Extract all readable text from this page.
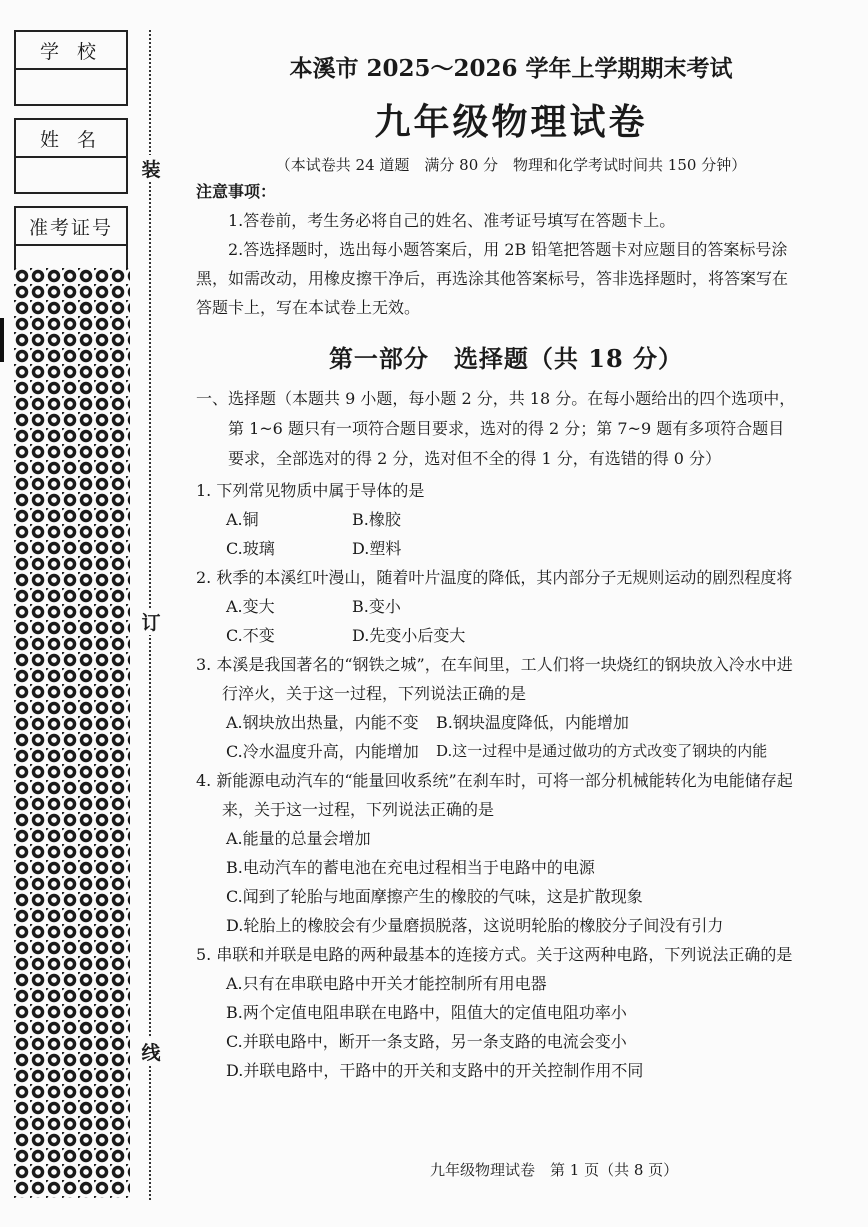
学 校
姓 名
准考证号
装
订
线
本溪市 2025～2026 学年上学期期末考试
九年级物理试卷
（本试卷共 24 道题　满分 80 分　物理和化学考试时间共 150 分钟）
注意事项：
1.答卷前，考生务必将自己的姓名、准考证号填写在答题卡上。
2.答选择题时，选出每小题答案后，用 2B 铅笔把答题卡对应题目的答案标号涂黑，如需改动，用橡皮擦干净后，再选涂其他答案标号，答非选择题时，将答案写在答题卡上，写在本试卷上无效。
第一部分　选择题（共 18 分）
一、选择题（本题共 9 小题，每小题 2 分，共 18 分。在每小题给出的四个选项中，第 1~6 题只有一项符合题目要求，选对的得 2 分；第 7~9 题有多项符合题目要求，全部选对的得 2 分，选对但不全的得 1 分，有选错的得 0 分）
1. 下列常见物质中属于导体的是
A.铜	B.橡胶
C.玻璃	D.塑料
2. 秋季的本溪红叶漫山，随着叶片温度的降低，其内部分子无规则运动的剧烈程度将
A.变大	B.变小
C.不变	D.先变小后变大
3. 本溪是我国著名的“钢铁之城”，在车间里，工人们将一块烧红的钢块放入冷水中进行淬火，关于这一过程，下列说法正确的是
A.钢块放出热量，内能不变	B.钢块温度降低，内能增加
C.冷水温度升高，内能增加	D.这一过程中是通过做功的方式改变了钢块的内能
4. 新能源电动汽车的“能量回收系统”在刹车时，可将一部分机械能转化为电能储存起来，关于这一过程，下列说法正确的是
A.能量的总量会增加
B.电动汽车的蓄电池在充电过程相当于电路中的电源
C.闻到了轮胎与地面摩擦产生的橡胶的气味，这是扩散现象
D.轮胎上的橡胶会有少量磨损脱落，这说明轮胎的橡胶分子间没有引力
5. 串联和并联是电路的两种最基本的连接方式。关于这两种电路，下列说法正确的是
A.只有在串联电路中开关才能控制所有用电器
B.两个定值电阻串联在电路中，阻值大的定值电阻功率小
C.并联电路中，断开一条支路，另一条支路的电流会变小
D.并联电路中，干路中的开关和支路中的开关控制作用不同
九年级物理试卷　第 1 页（共 8 页）
